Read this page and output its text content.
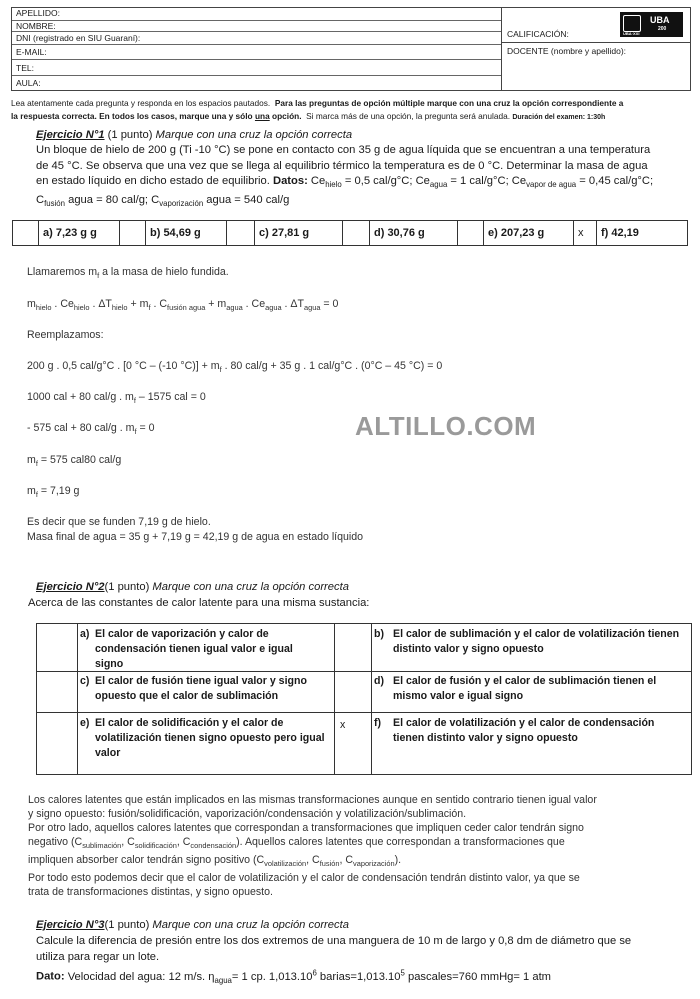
APELLIDO:
NOMBRE:
DNI (registrado en SIU Guaraní):
E-MAIL:
TEL:
AULA:
CALIFICACIÓN:
DOCENTE (nombre y apellido):
UBA
200
UBA·XXI
Lea atentamente cada pregunta y responda en los espacios pautados. Para las preguntas de opción múltiple marque con una cruz la opción correspondiente a
la respuesta correcta. En todos los casos, marque una y sólo una opción. Si marca más de una opción, la pregunta será anulada. Duración del examen: 1:30h
Ejercicio N°1 (1 punto) Marque con una cruz la opción correcta
Un bloque de hielo de 200 g (Ti -10 °C) se pone en contacto con 35 g de agua líquida que se encuentran a una temperatura
de 45 °C. Se observa que una vez que se llega al equilibrio térmico la temperatura es de 0 °C. Determinar la masa de agua
en estado líquido en dicho estado de equilibrio. Datos: $Ce_{hielo} = 0,5$ cal/g°C; $Ce_{agua} = 1$ cal/g°C; $Ce_{vapor de agua} = 0,45$ cal/g°C;
$C_{fusión}$ agua = 80 cal/g; $C_{vaporización}$ agua = 540 cal/g
a) 7,23 g g	b) 54,69 g	c) 27,81 g	d) 30,76 g	e) 207,23 g	x	f) 42,19
Llamaremos $m_f$ a la masa de hielo fundida.
$m_{hielo}$ . $Ce_{hielo}$ . $\Delta T_{hielo} + m_f$ . $C_{fusión agua} + m_{agua}$ . $Ce_{agua}$ . $\Delta T_{agua} = 0$
Reemplazamos:
200 g . 0,5 cal/g°C . [0 °C – (-10 $^\circ C)] + m_f$ . 80 cal/g + 35 g . 1 cal/g°C . (0°C – 45 °C) = 0
1000 cal + 80 cal/g . $m_f - 1575$ cal = 0
- 575 cal + 80 cal/g . $m_f = 0$
$m_f = 575$ cal80 cal/g
$m_f = 7,19$ g
Es decir que se funden 7,19 g de hielo.
Masa final de agua = 35 g + 7,19 g = 42,19 g de agua en estado líquido
ALTILLO.COM
Ejercicio N°2(1 punto) Marque con una cruz la opción correcta
Acerca de las constantes de calor latente para una misma sustancia:
a) El calor de vaporización y calor de condensación tienen igual valor e igual signo
b) El calor de sublimación y el calor de volatilización tienen distinto valor y signo opuesto
c) El calor de fusión tiene igual valor y signo opuesto que el calor de sublimación
d) El calor de fusión y el calor de sublimación tienen el mismo valor e igual signo
e) El calor de solidificación y el calor de volatilización tienen signo opuesto pero igual valor
x	f) El calor de volatilización y el calor de condensación tienen distinto valor y signo opuesto
Los calores latentes que están implicados en las mismas transformaciones aunque en sentido contrario tienen igual valor
y signo opuesto: fusión/solidificación, vaporización/condensación y volatilización/sublimación.
Por otro lado, aquellos calores latentes que correspondan a transformaciones que impliquen ceder calor tendrán signo
negativo ($C_{sublimación}$, $C_{solidificación}$, $C_{condensación}$). Aquellos calores latentes que correspondan a transformaciones que
impliquen absorber calor tendrán signo positivo ($C_{volatilización}$, $C_{fusión}$, $C_{vaporización}$).
Por todo esto podemos decir que el calor de volatilización y el calor de condensación tendrán distinto valor, ya que se
trata de transformaciones distintas, y signo opuesto.
Ejercicio N°3(1 punto) Marque con una cruz la opción correcta
Calcule la diferencia de presión entre los dos extremos de una manguera de 10 m de largo y 0,8 dm de diámetro que se
utiliza para regar un lote.
Dato: Velocidad del agua: 12 m/s. $\eta_{agua}= 1$ cp. 1,013.10$^6$ $barias=1,013.10^5$ pascales=760 mmHg= 1 atm
